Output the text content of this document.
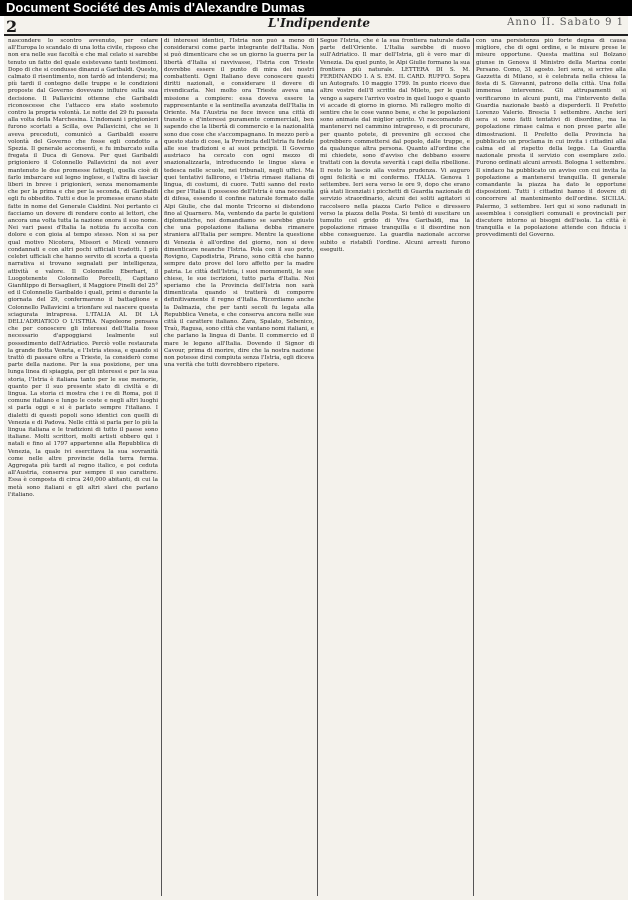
Document Société des Amis d'Alexandre Dumas
2	L'Indipendente	Anno II. Sabato 9 1
nascondere lo scontro avvenuto, per celare all'Europa lo scandalo di una lotta civile, risposo che non era nelle sue facoltà e che mal celato si sarebbe tenuto un fatto del quale esistevano tanti testimoni. Dopo di che si condusse dinanzi a Garibaldi. Questo, calmato il risentimento, non tardò ad intendersi; ma più tardi il contegno delle truppe e le condizioni proposte dal Governo dovevano influire sulla sua decisione. Il Pallavicini ottenne che Garibaldi riconoscesse che l'attacco era stato sostenuto contro la propria volontà. Le notte del 29 fu passata alla volta della Marchesina. L'indomani i prigionieri furono scortati a Scilla, ove Pallavicini, che se li aveva preceduti, comunicò a Garibaldi essere volontà del Governo che fosse egli condotto a Spezia. Il generale acconsentì, e fu imbarcato sulla fregata il Duca di Genova. Per quei Garibaldi prigioniero il Colonnello Pallavicini da noi aver mantenuto le due promesse fattegli, quella cioè di farlo imbarcare sul legno inglese, e l'altra di lasciar liberi in breve i prigionieri, senza menomamente che per la prima e che per la seconda, di Garibaldi egli fu obbedito. Tutti e due le promesse erano state fatte in nome del Generale Cialdini. Noi pertanto ci facciamo un dovere di rendere conto ai lettori, che ancora una volta tutta la nazione onora il suo nome. Nei vari paesi d'Italia la notizia fu accolta con dolore e con gioia al tempo stesso. Non si sa per qual motivo Nicotera, Missori e Miceli vennero condannati e con altri pochi ufficiali tradotti. I più celebri ufficiali che hanno servito di scorta a questa narrativa si trovano segnalati per intelligenza, attività e valore. Il Colonnello Eberhart, il Luogotenente Colonnello Porcelli, Capitano Gianfilippo di Bersaglieri, il Maggiore Pinelli del 25° ed il Colonnello Garibaldo i quali, primi e durante la giornata del 29, confermarono il battaglione e Colonnello Pallavicini a trionfare sul nascere questa sciagurata intrapresa. L'ITALIA AL DI LÀ DELL'ADRIATICO O L'ISTRIA. Napoleone pensava che per conoscere gli interessi dell'Italia fosse necessario d'appoggiarsi lealmente sul possedimento dell'Adriatico. Perciò volle restaurata la grande flotta Veneta, e l'Istria stessa, e quando si trattò di passare oltre a Trieste, la considerò come parte della nazione. Per la sua posizione, per una lunga linea di spiaggia, per gli interessi e per la sua storia, l'Istria è italiana tanto per le sue memorie, quanto per il suo presente stato di civiltà e di lingua. La storia ci mostra che i re di Roma, poi il comune italiano e lungo le coste e negli altri luoghi si parla oggi e si è parlato sempre l'italiano. I dialetti di questi popoli sono identici con quelli di Venezia e di Padova. Nelle città si parla per lo più la lingua italiana e le tradizioni di tutto il paese sono italiane. Molti scrittori, molti artisti ebbero qui i natali e fino al 1797 appartenne alla Repubblica di Venezia, la quale ivi esercitava la sua sovranità come nelle altre provincie della terra ferma. Aggregata più tardi al regno italico, e poi ceduta all'Austria, conserva pur sempre il suo carattere. Essa è composta di circa 240,000 abitanti, di cui la metà sono italiani e gli altri slavi che parlano l'italiano.
di interessi identici, l'Istria non può a meno di considerarsi come parte integrante dell'Italia. Non si può dimenticare che se un giorno la guerra per la libertà d'Italia si ravvivasse, l'Istria con Trieste dovrebbe essere il punto di mira dei nostri combattenti. Ogni Italiano deve conoscere questi diritti nazionali, e considerare il dovere di rivendicarla. Nei molto ora Trieste aveva una missione a compiere: essa doveva essere la rappresentante e la sentinella avanzata dell'Italia in Oriente. Ma l'Austria ne fece invece una città di transito e d'interessi puramente commerciali, ben sapendo che la libertà di commercio e la nazionalità sono due cose che s'accompagnano. In mezzo però a questo stato di cose, la Provincia dell'Istria fu fedele alle sue tradizioni e ai suoi principii. Il Governo austriaco ha cercato con ogni mezzo di snazionalizzarla, introducendo le lingue slava e tedesca nelle scuole, nei tribunali, negli uffici. Ma quei tentativi fallirono, e l'Istria rimase italiana di lingua, di costumi, di cuore. Tutti sanno del resto che per l'Italia il possesso dell'Istria è una necessità di difesa, essendo il confine naturale formato dalle Alpi Giulie, che dal monte Tricorno si distendono fino al Quarnero. Ma, ventendo da parte le quistioni diplomatiche, noi domandiamo se sarebbe giusto che una popolazione italiana debba rimanere straniera all'Italia per sempre. Mentre la questione di Venezia è all'ordine del giorno, non si deve dimenticare neanche l'Istria. Pola con il suo porto, Rovigno, Capodistria, Pirano, sono città che hanno sempre dato prove del loro affetto per la madre patria. Le città dell'Istria, i suoi monumenti, le sue chiese, le sue iscrizioni, tutto parla d'Italia. Noi speriamo che la Provincia dell'Istria non sarà dimenticata quando si tratterà di comporre definitivamente il regno d'Italia. Ricordiamo anche la Dalmazia, che per tanti secoli fu legata alla Repubblica Veneta, e che conserva ancora nelle sue città il carattere italiano. Zara, Spalato, Sebenico, Traù, Ragusa, sono città che vantano nomi italiani, e che parlano la lingua di Dante. Il commercio ed il mare le legano all'Italia. Dovendo il Signor di Cavour, prima di morire, dire che la nostra nazione non potesse dirsi compiuta senza l'Istria, egli diceva una verità che tutti dovrebbero ripetere.
Segue l'Istria, che è la sua frontiera naturale dalla parte dell'Oriente. L'Italia sarebbe di nuovo sull'Adriatico. Il mar dell'Istria, gli è vero mar di Venezia. Da quel punto, le Alpi Giulie formano la sua frontiera più naturale. LETTERA DI S. M. FERDINANDO I. A S. EM. IL CARD. RUFFO. Sopra un Autografo. 10 maggio 1799. In punto ricevo due altre vostre dell'8 scritte dal Mileto, per le quali vengo a sapere l'arrivo vostro in quel luogo e quanto vi accade di giorno in giorno. Mi rallegro molto di sentire che le cose vanno bene, e che le popolazioni sono animate dal miglior spirito. Vi raccomando di mantenervi nel cammino intrapreso, e di procurare, per quanto potete, di prevenire gli eccessi che potrebbero commettersi dal popolo, dalle truppe, e da qualunque altra persona. Quanto all'ordine che mi chiedete, sono d'avviso che debbano essere trattati con la dovuta severità i capi della ribellione. Il resto lo lascio alla vostra prudenza. Vi auguro ogni felicità e mi confermo. ITALIA. Genova 1 settembre. Ieri sera verso le ore 9, dopo che erano già stati licenziati i picchetti di Guardia nazionale di servizio straordinario, alcuni dei soliti agitatori si raccolsero nella piazza Carlo Felice e diressero verso la piazza della Posta. Si tentò di suscitare un tumulto col grido di Viva Garibaldi, ma la popolazione rimase tranquilla e il disordine non ebbe conseguenze. La guardia nazionale accorse subito e ristabilì l'ordine. Alcuni arresti furono eseguiti.
con una persistenza più forte degna di causa migliore, che di ogni ordine, e le misure prese le misure opportune. Questa mattina sul Bolzano giunse in Genova il Ministro della Marina conte Persano. Como, 31 agosto. Ieri sera, si scrive alla Gazzetta di Milano, si è celebrata nella chiesa la festa di S. Giovanni, patrono della città. Una folla immensa intervenne. Gli attrupamenti si verificarono in alcuni punti, ma l'intervento della Guardia nazionale bastò a disperderli. Il Prefetto Lorenzo Valerio. Brescia 1 settembre. Anche ieri sera si sono fatti tentativi di disordine, ma la popolazione rimase calma e non prese parte alle dimostrazioni. Il Prefetto della Provincia ha pubblicato un proclama in cui invita i cittadini alla calma ed al rispetto della legge. La Guardia nazionale presta il servizio con esemplare zelo. Furono ordinati alcuni arresti. Bologna 1 settembre. Il sindaco ha pubblicato un avviso con cui invita la popolazione a mantenersi tranquilla. Il generale comandante la piazza ha dato le opportune disposizioni. Tutti i cittadini hanno il dovere di concorrere al mantenimento dell'ordine. SICILIA. Palermo, 3 settembre. Ieri qui si sono radunati in assemblea i consiglieri comunali e provinciali per discutere intorno ai bisogni dell'isola. La città è tranquilla e la popolazione attende con fiducia i provvedimenti del Governo.
